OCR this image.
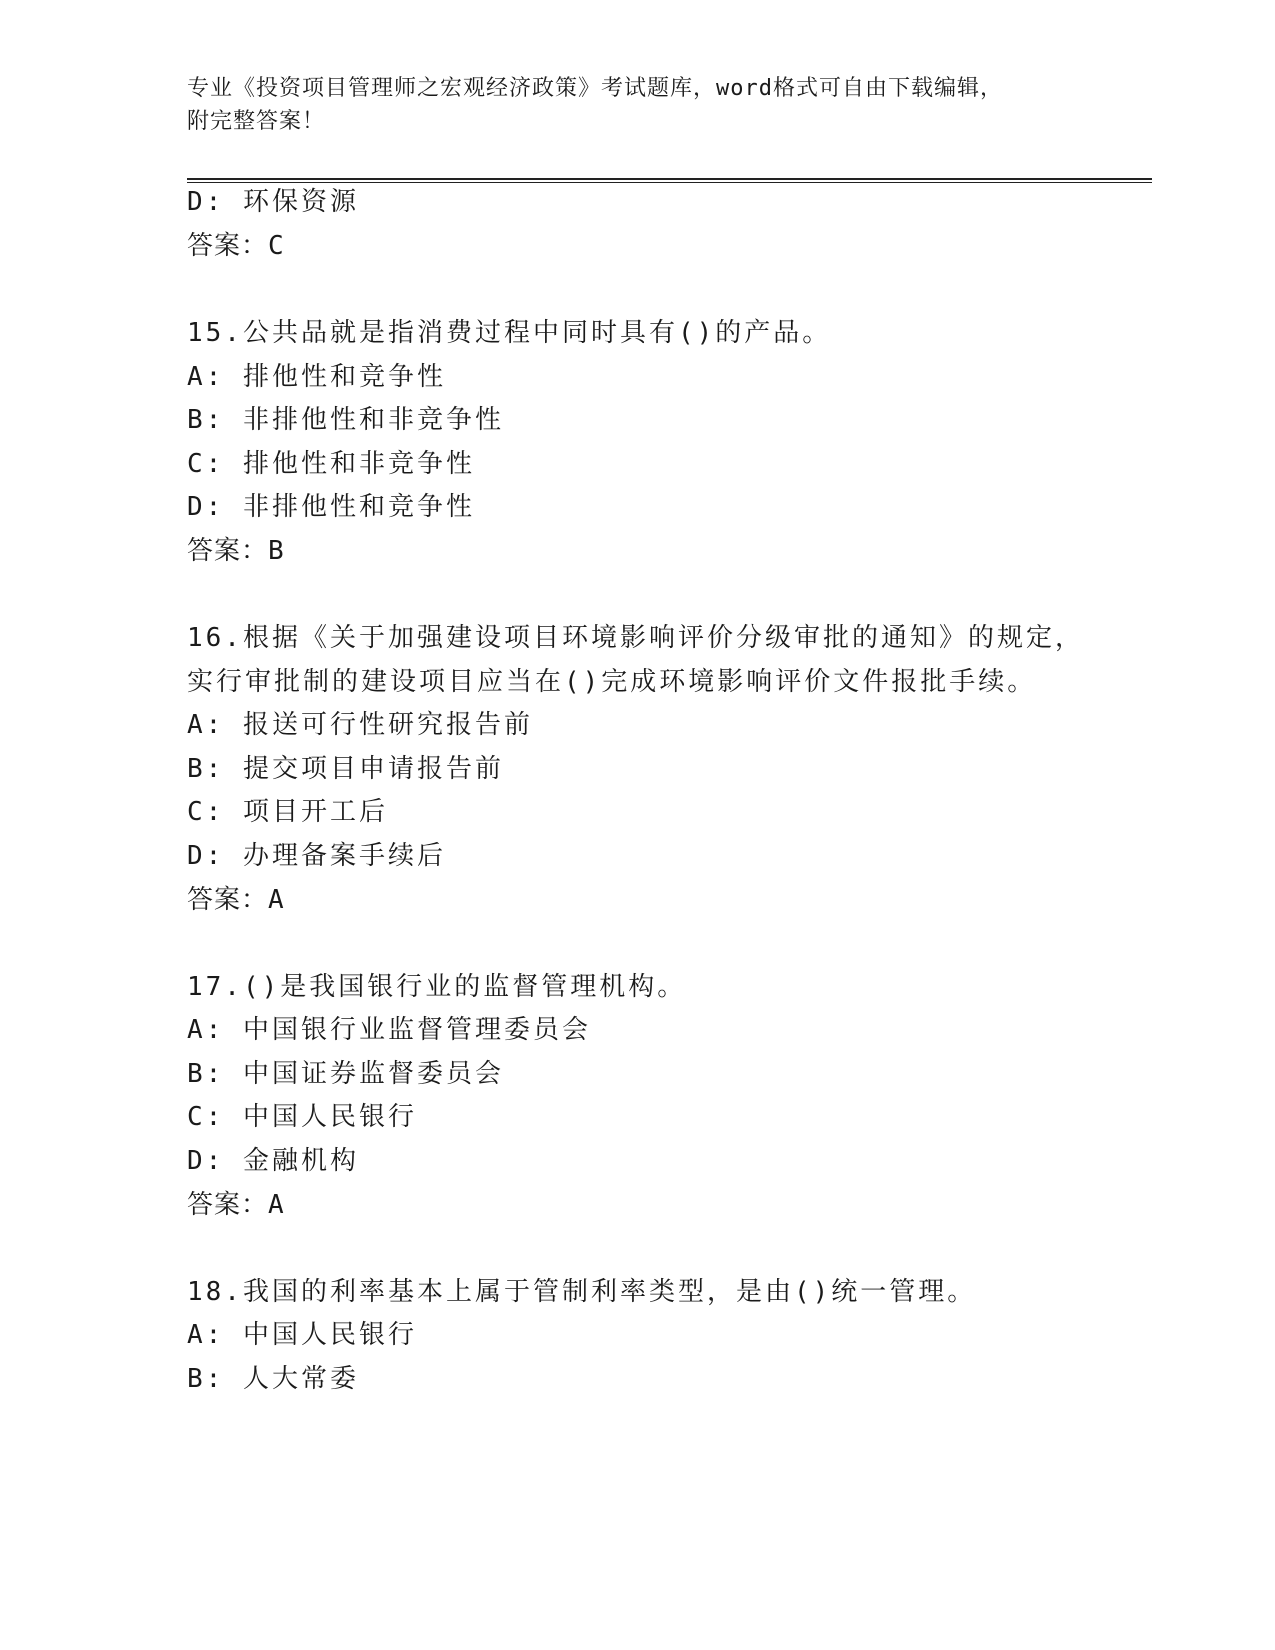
专业《投资项目管理师之宏观经济政策》考试题库，word格式可自由下载编辑，
附完整答案！
D: 环保资源
答案：C
15.公共品就是指消费过程中同时具有()的产品。
A: 排他性和竞争性
B: 非排他性和非竞争性
C: 排他性和非竞争性
D: 非排他性和竞争性
答案：B
16.根据《关于加强建设项目环境影响评价分级审批的通知》的规定，
实行审批制的建设项目应当在()完成环境影响评价文件报批手续。
A: 报送可行性研究报告前
B: 提交项目申请报告前
C: 项目开工后
D: 办理备案手续后
答案：A
17.()是我国银行业的监督管理机构。
A: 中国银行业监督管理委员会
B: 中国证券监督委员会
C: 中国人民银行
D: 金融机构
答案：A
18.我国的利率基本上属于管制利率类型，是由()统一管理。
A: 中国人民银行
B: 人大常委
